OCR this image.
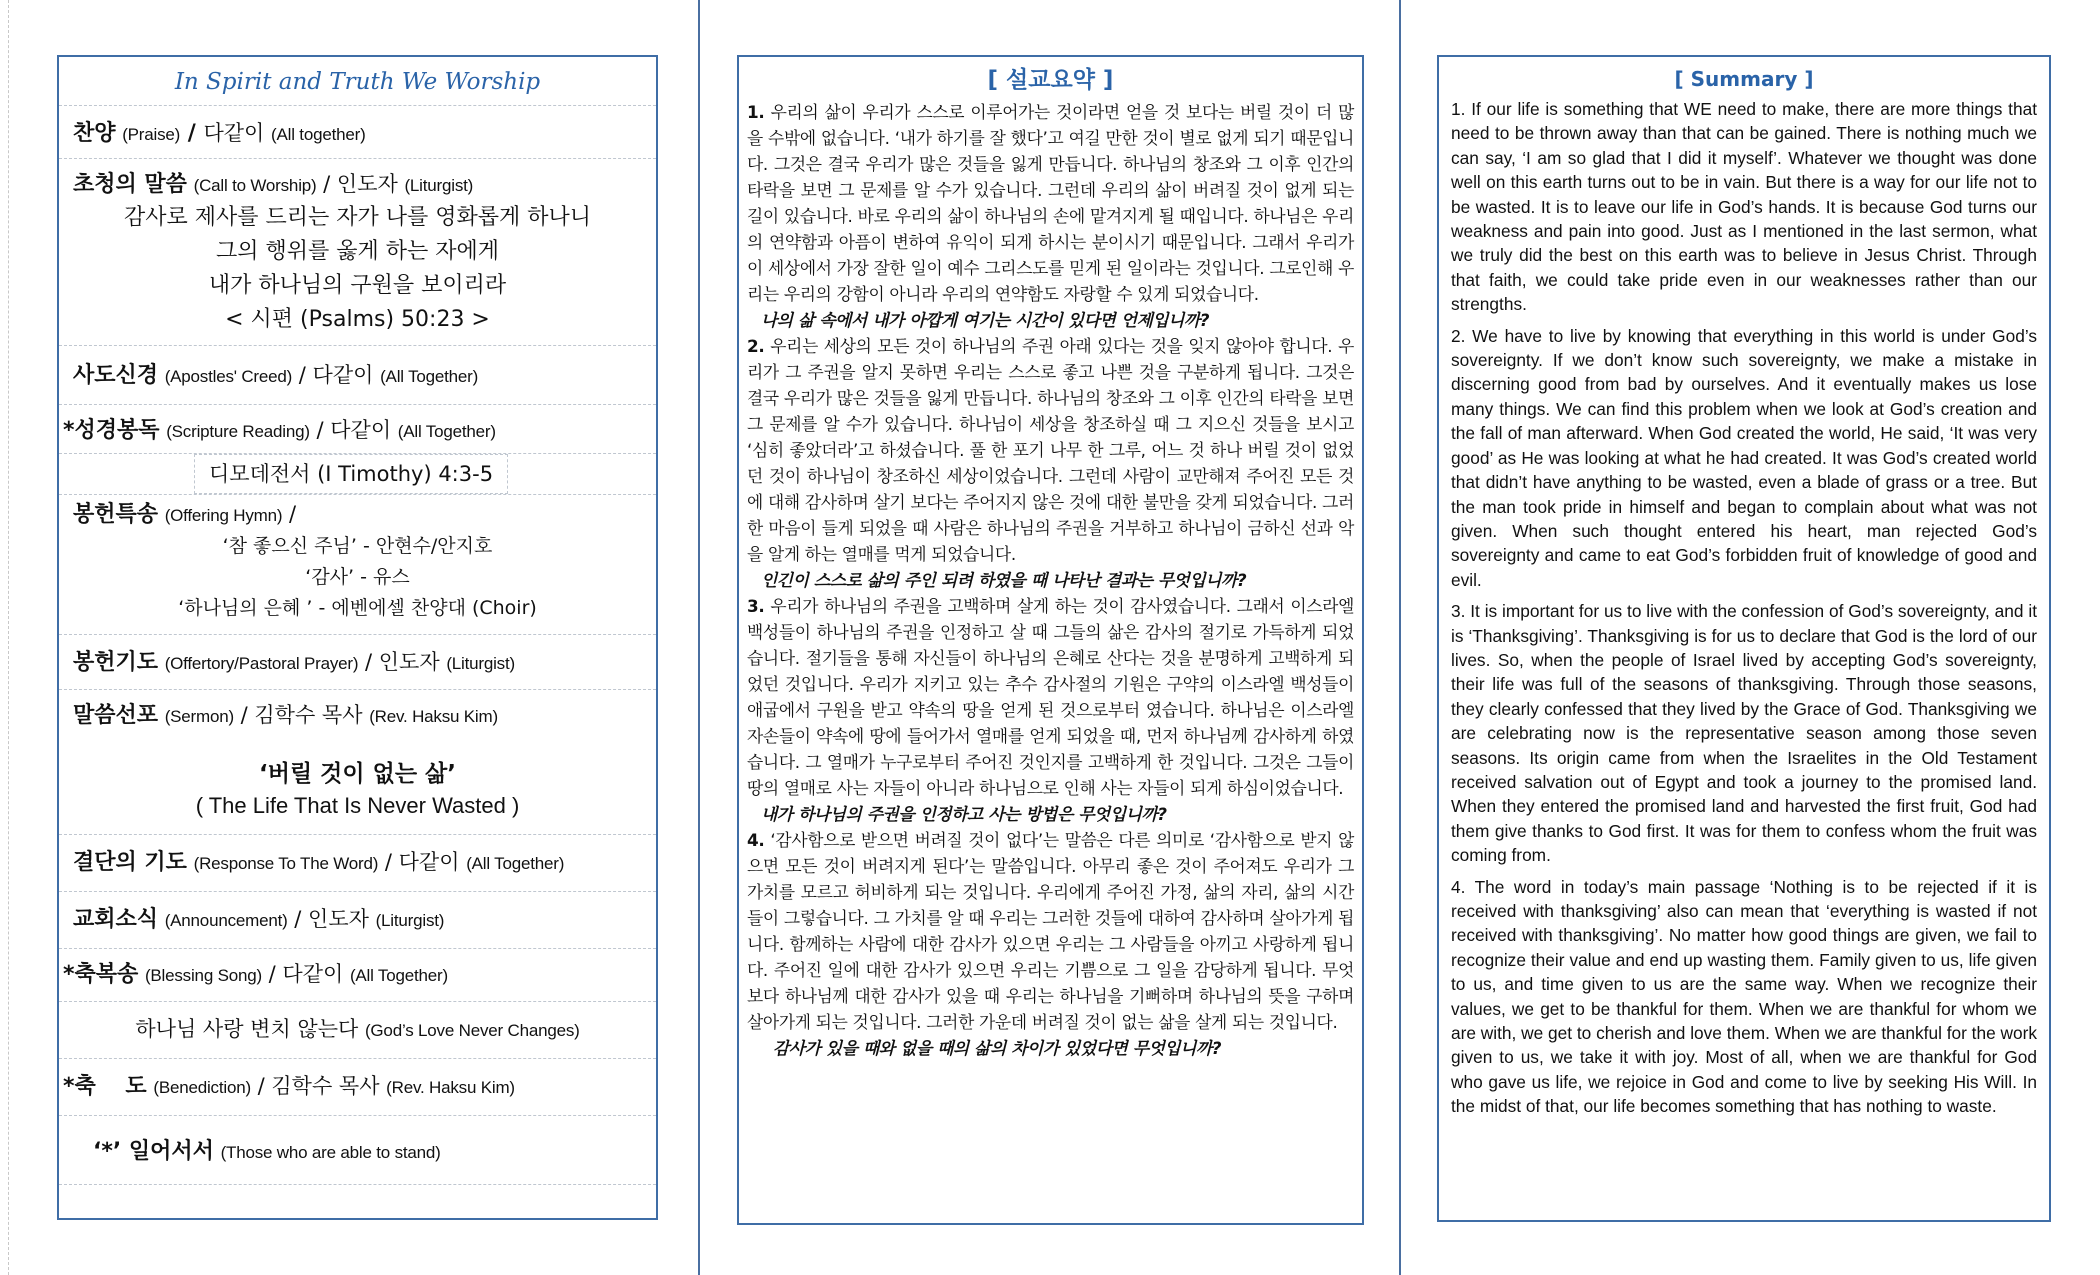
In Spirit and Truth We Worship
찬양 (Praise) / 다같이 (All together)
초청의 말씀 (Call to Worship) / 인도자 (Liturgist)
감사로 제사를 드리는 자가 나를 영화롭게 하나니
그의 행위를 옳게 하는 자에게
내가 하나님의 구원을 보이리라
< 시편 (Psalms) 50:23 >
사도신경 (Apostles' Creed) / 다같이 (All Together)
*성경봉독 (Scripture Reading) / 다같이 (All Together)
디모데전서 (I Timothy) 4:3-5
봉헌특송 (Offering Hymn) /
‘참 좋으신 주님’ - 안현수/안지호
‘감사’ - 유스
‘하나님의 은혜 ’ - 에벤에셀 찬양대 (Choir)
봉헌기도 (Offertory/Pastoral Prayer) / 인도자 (Liturgist)
말씀선포 (Sermon) / 김학수 목사 (Rev. Haksu Kim)
‘버릴 것이 없는 삶’
( The Life That Is Never Wasted )
결단의 기도 (Response To The Word) / 다같이 (All Together)
교회소식 (Announcement) / 인도자 (Liturgist)
*축복송 (Blessing Song) / 다같이 (All Together)
하나님 사랑 변치 않는다 (God’s Love Never Changes)
*축　 도 (Benediction) / 김학수 목사 (Rev. Haksu Kim)
‘*’ 일어서서 (Those who are able to stand)
[ 설교요약 ]

1. 우리의 삶이 우리가 스스로 이루어가는 것이라면 얻을 것 보다는 버릴 것이 더 많을 수밖에 없습니다. ‘내가 하기를 잘 했다’고 여길 만한 것이 별로 없게 되기 때문입니다. 그것은 결국 우리가 많은 것들을 잃게 만듭니다. 하나님의 창조와 그 이후 인간의 타락을 보면 그 문제를 알 수가 있습니다. 그런데 우리의 삶이 버려질 것이 없게 되는 길이 있습니다. 바로 우리의 삶이 하나님의 손에 맡겨지게 될 때입니다. 하나님은 우리의 연약함과 아픔이 변하여 유익이 되게 하시는 분이시기 때문입니다. 그래서 우리가 이 세상에서 가장 잘한 일이 예수 그리스도를 믿게 된 일이라는 것입니다. 그로인해 우리는 우리의 강함이 아니라 우리의 연약함도 자랑할 수 있게 되었습니다.

나의 삶 속에서 내가 아깝게 여기는 시간이 있다면 언제입니까?

2. 우리는 세상의 모든 것이 하나님의 주권 아래 있다는 것을 잊지 않아야 합니다. 우리가 그 주권을 알지 못하면 우리는 스스로 좋고 나쁜 것을 구분하게 됩니다. 그것은 결국 우리가 많은 것들을 잃게 만듭니다. 하나님의 창조와 그 이후 인간의 타락을 보면 그 문제를 알 수가 있습니다. 하나님이 세상을 창조하실 때 그 지으신 것들을 보시고 ‘심히 좋았더라’고 하셨습니다. 풀 한 포기 나무 한 그루, 어느 것 하나 버릴 것이 없었던 것이 하나님이 창조하신 세상이었습니다. 그런데 사람이 교만해져 주어진 모든 것에 대해 감사하며 살기 보다는 주어지지 않은 것에 대한 불만을 갖게 되었습니다. 그러한 마음이 들게 되었을 때 사람은 하나님의 주권을 거부하고 하나님이 금하신 선과 악을 알게 하는 열매를 먹게 되었습니다.

인긴이 스스로 삶의 주인 되려 하였을 때 나타난 결과는 무엇입니까?

3. 우리가 하나님의 주권을 고백하며 살게 하는 것이 감사였습니다. 그래서 이스라엘 백성들이 하나님의 주권을 인정하고 살 때 그들의 삶은 감사의 절기로 가득하게 되었습니다. 절기들을 통해 자신들이 하나님의 은혜로 산다는 것을 분명하게 고백하게 되었던 것입니다. 우리가 지키고 있는 추수 감사절의 기원은 구약의 이스라엘 백성들이 애굽에서 구원을 받고 약속의 땅을 얻게 된 것으로부터 였습니다. 하나님은 이스라엘 자손들이 약속에 땅에 들어가서 열매를 얻게 되었을 때, 먼저 하나님께 감사하게 하였습니다. 그 열매가 누구로부터 주어진 것인지를 고백하게 한 것입니다. 그것은 그들이 땅의 열매로 사는 자들이 아니라 하나님으로 인해 사는 자들이 되게 하심이었습니다.

내가 하나님의 주권을 인정하고 사는 방법은 무엇입니까?

4. ‘감사함으로 받으면 버려질 것이 없다’는 말씀은 다른 의미로 ‘감사함으로 받지 않으면 모든 것이 버려지게 된다’는 말씀입니다. 아무리 좋은 것이 주어져도 우리가 그 가치를 모르고 허비하게 되는 것입니다. 우리에게 주어진 가정, 삶의 자리, 삶의 시간들이 그렇습니다. 그 가치를 알 때 우리는 그러한 것들에 대하여 감사하며 살아가게 됩니다. 함께하는 사람에 대한 감사가 있으면 우리는 그 사람들을 아끼고 사랑하게 됩니다. 주어진 일에 대한 감사가 있으면 우리는 기쁨으로 그 일을 감당하게 됩니다. 무엇보다 하나님께 대한 감사가 있을 때 우리는 하나님을 기뻐하며 하나님의 뜻을 구하며 살아가게 되는 것입니다. 그러한 가운데 버려질 것이 없는 삶을 살게 되는 것입니다.

감사가 있을 때와 없을 때의 삶의 차이가 있었다면 무엇입니까?

[ Summary ]

1. If our life is something that WE need to make, there are more things that need to be thrown away than that can be gained. There is nothing much we can say, ‘I am so glad that I did it myself’. Whatever we thought was done well on this earth turns out to be in vain. But there is a way for our life not to be wasted. It is to leave our life in God’s hands. It is because God turns our weakness and pain into good. Just as I mentioned in the last sermon, what we truly did the best on this earth was to believe in Jesus Christ. Through that faith, we could take pride even in our weaknesses rather than our strengths.

2. We have to live by knowing that everything in this world is under God’s sovereignty. If we don’t know such sovereignty, we make a mistake in discerning good from bad by ourselves. And it eventually makes us lose many things. We can find this problem when we look at God’s creation and the fall of man afterward. When God created the world, He said, ‘It was very good’ as He was looking at what he had created. It was God’s created world that didn’t have anything to be wasted, even a blade of grass or a tree. But the man took pride in himself and began to complain about what was not given. When such thought entered his heart, man rejected God’s sovereignty and came to eat God’s forbidden fruit of knowledge of good and evil.

3. It is important for us to live with the confession of God’s sovereignty, and it is ‘Thanksgiving’. Thanksgiving is for us to declare that God is the lord of our lives. So, when the people of Israel lived by accepting God’s sovereignty, their life was full of the seasons of thanksgiving. Through those seasons, they clearly confessed that they lived by the Grace of God. Thanksgiving we are celebrating now is the representative season among those seven seasons. Its origin came from when the Israelites in the Old Testament received salvation out of Egypt and took a journey to the promised land. When they entered the promised land and harvested the first fruit, God had them give thanks to God first. It was for them to confess whom the fruit was coming from.

4. The word in today’s main passage ‘Nothing is to be rejected if it is received with thanksgiving’ also can mean that ‘everything is wasted if not received with thanksgiving’. No matter how good things are given, we fail to recognize their value and end up wasting them. Family given to us, life given to us, and time given to us are the same way. When we recognize their values, we get to be thankful for them. When we are thankful for whom we are with, we get to cherish and love them. When we are thankful for the work given to us, we take it with joy. Most of all, when we are thankful for God who gave us life, we rejoice in God and come to live by seeking His Will. In the midst of that, our life becomes something that has nothing to waste.
